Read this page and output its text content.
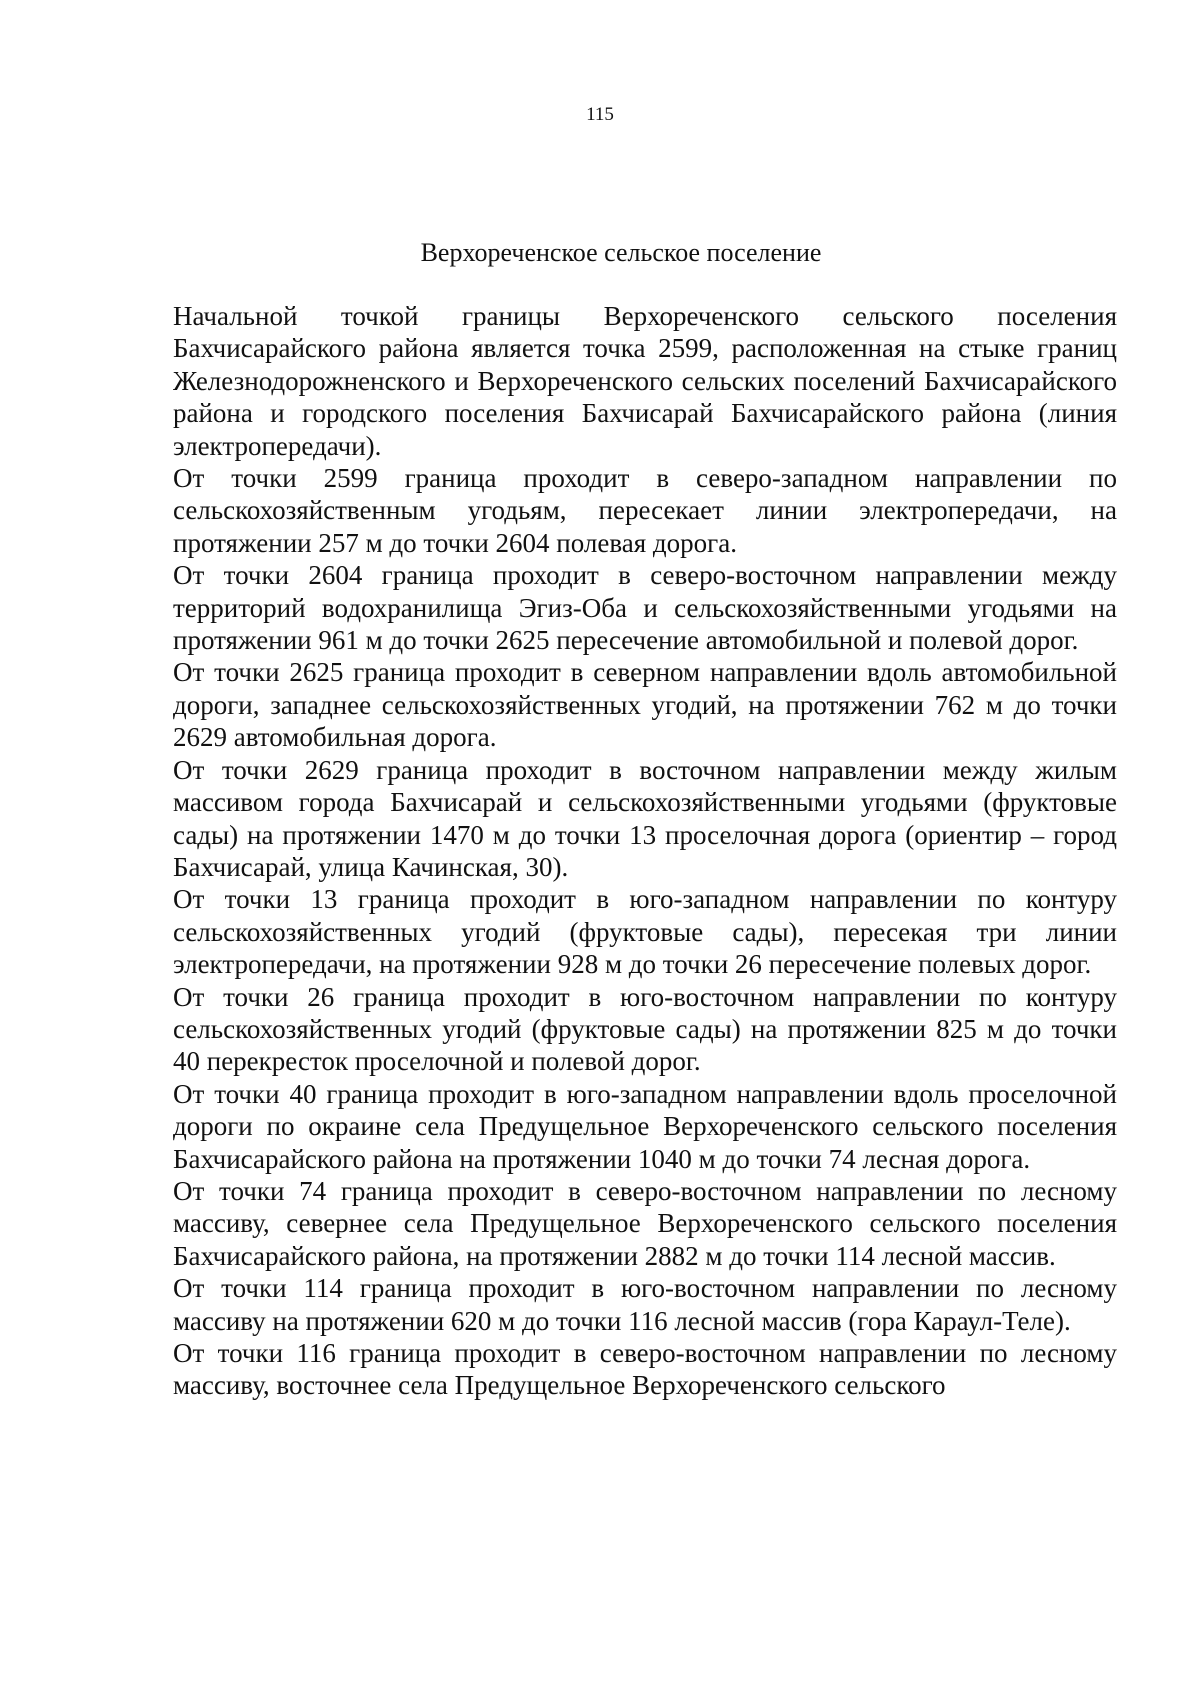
115
Верхореченское сельское поселение

Начальной точкой границы Верхореченского сельского поселения Бахчисарайского района является точка 2599, расположенная на стыке границ Железнодорожненского и Верхореченского сельских поселений Бахчисарайского района и городского поселения Бахчисарай Бахчисарайского района (линия электропередачи).

От точки 2599 граница проходит в северо-западном направлении по сельскохозяйственным угодьям, пересекает линии электропередачи, на протяжении 257 м до точки 2604 полевая дорога.

От точки 2604 граница проходит в северо-восточном направлении между территорий водохранилища Эгиз-Оба и сельскохозяйственными угодьями на протяжении 961 м до точки 2625 пересечение автомобильной и полевой дорог.

От точки 2625 граница проходит в северном направлении вдоль автомобильной дороги, западнее сельскохозяйственных угодий, на протяжении 762 м до точки 2629 автомобильная дорога.

От точки 2629 граница проходит в восточном направлении между жилым массивом города Бахчисарай и сельскохозяйственными угодьями (фруктовые сады) на протяжении 1470 м до точки 13 проселочная дорога (ориентир – город Бахчисарай, улица Качинская, 30).

От точки 13 граница проходит в юго-западном направлении по контуру сельскохозяйственных угодий (фруктовые сады), пересекая три линии электропередачи, на протяжении 928 м до точки 26 пересечение полевых дорог.

От точки 26 граница проходит в юго-восточном направлении по контуру сельскохозяйственных угодий (фруктовые сады) на протяжении 825 м до точки 40 перекресток проселочной и полевой дорог.

От точки 40 граница проходит в юго-западном направлении вдоль проселочной дороги по окраине села Предущельное Верхореченского сельского поселения Бахчисарайского района на протяжении 1040 м до точки 74 лесная дорога.

От точки 74 граница проходит в северо-восточном направлении по лесному массиву, севернее села Предущельное Верхореченского сельского поселения Бахчисарайского района, на протяжении 2882 м до точки 114 лесной массив.

От точки 114 граница проходит в юго-восточном направлении по лесному массиву на протяжении 620 м до точки 116 лесной массив (гора Караул-Теле).

От точки 116 граница проходит в северо-восточном направлении по лесному массиву, восточнее села Предущельное Верхореченского сельского
